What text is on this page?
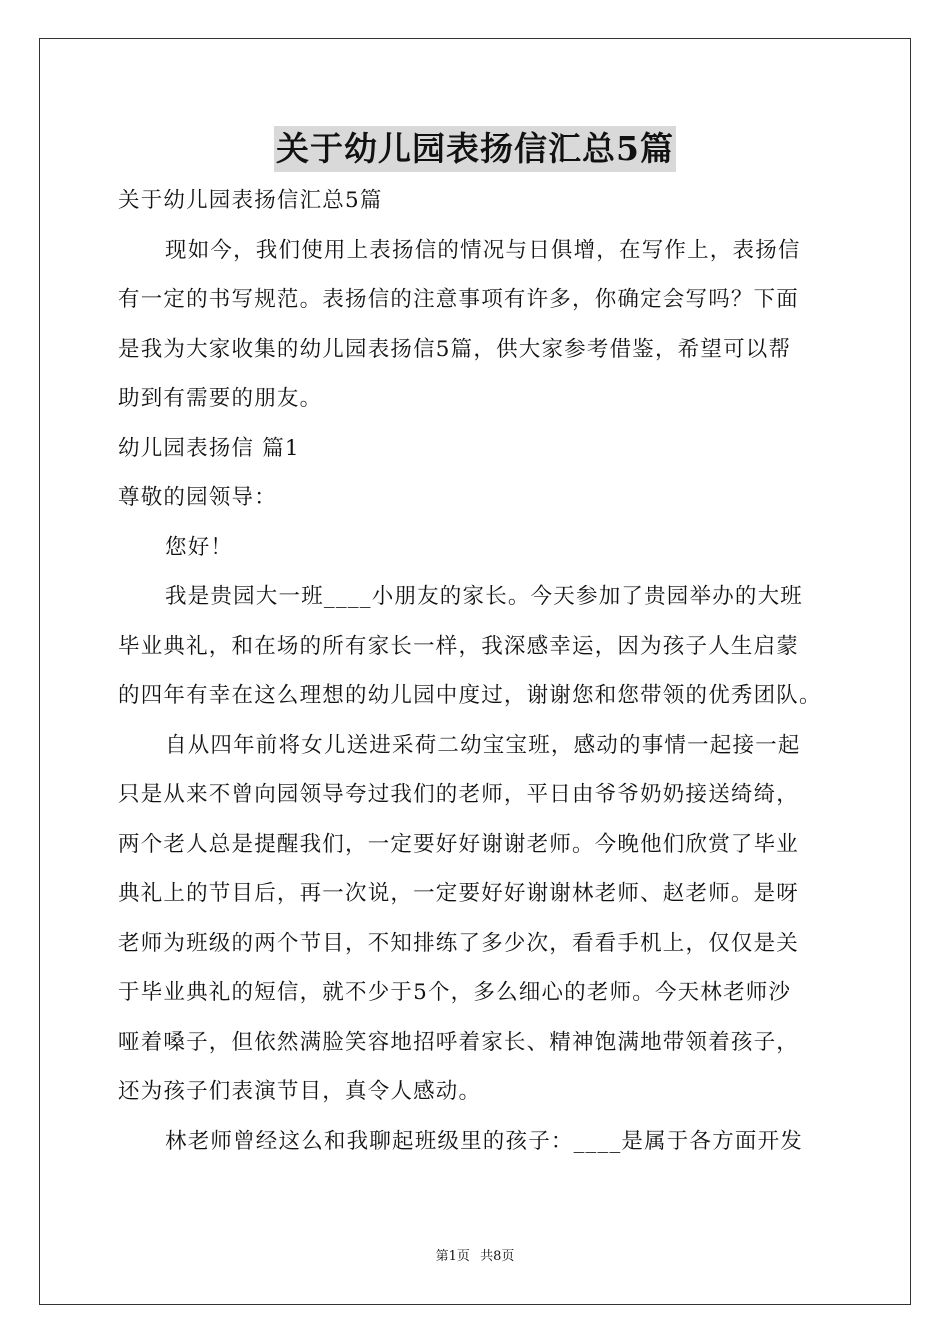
关于幼儿园表扬信汇总5篇
关于幼儿园表扬信汇总5篇
现如今，我们使用上表扬信的情况与日俱增，在写作上，表扬信
有一定的书写规范。表扬信的注意事项有许多，你确定会写吗？下面
是我为大家收集的幼儿园表扬信5篇，供大家参考借鉴，希望可以帮
助到有需要的朋友。
幼儿园表扬信 篇1
尊敬的园领导：
您好！
我是贵园大一班____小朋友的家长。今天参加了贵园举办的大班
毕业典礼，和在场的所有家长一样，我深感幸运，因为孩子人生启蒙
的四年有幸在这么理想的幼儿园中度过，谢谢您和您带领的优秀团队。
自从四年前将女儿送进采荷二幼宝宝班，感动的事情一起接一起
只是从来不曾向园领导夸过我们的老师，平日由爷爷奶奶接送绮绮，
两个老人总是提醒我们，一定要好好谢谢老师。今晚他们欣赏了毕业
典礼上的节目后，再一次说，一定要好好谢谢林老师、赵老师。是呀
老师为班级的两个节目，不知排练了多少次，看看手机上，仅仅是关
于毕业典礼的短信，就不少于5个，多么细心的老师。今天林老师沙
哑着嗓子，但依然满脸笑容地招呼着家长、精神饱满地带领着孩子，
还为孩子们表演节目，真令人感动。
林老师曾经这么和我聊起班级里的孩子：____是属于各方面开发
第1页 共8页
